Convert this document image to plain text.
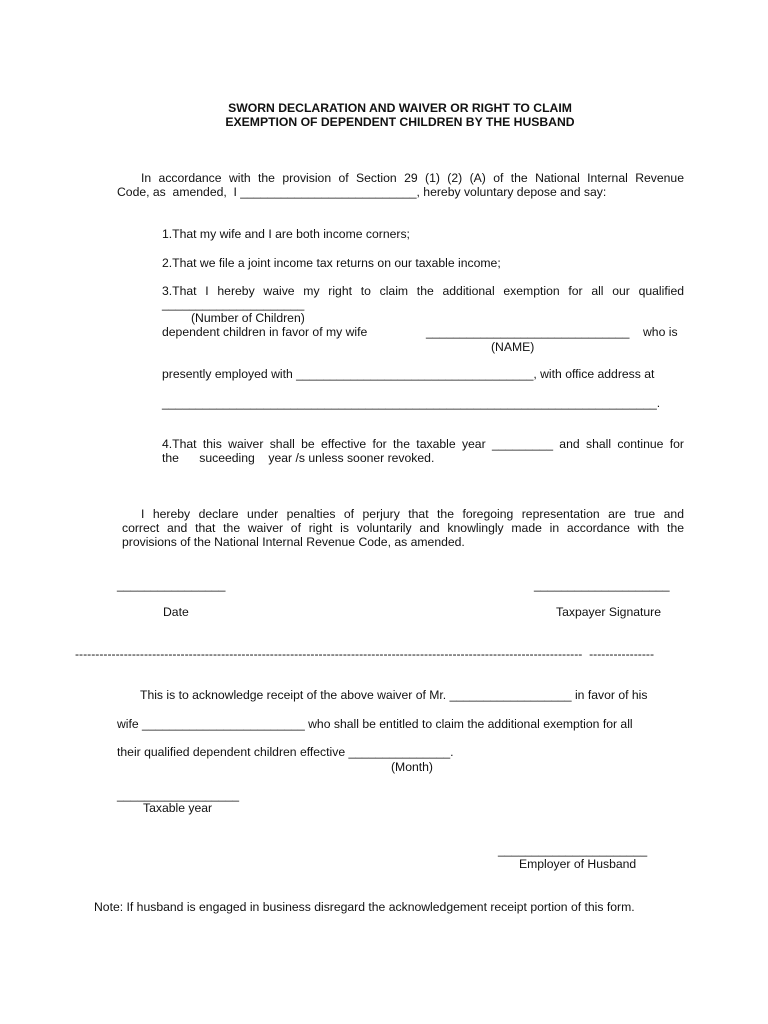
SWORN DECLARATION AND WAIVER OR RIGHT TO CLAIM
EXEMPTION OF DEPENDENT CHILDREN BY THE HUSBAND
In accordance with the provision of Section 29 (1) (2) (A) of the National Internal Revenue
Code, as  amended,  I __________________________, hereby voluntary depose and say:
1.That my wife and I are both income corners;
2.That we file a joint income tax returns on our taxable income;
3.That I hereby waive my right to claim the additional exemption for all our qualified
_____________________
(Number of Children)
dependent children in favor of my wife	______________________________ who is
(NAME)
presently employed with ___________________________________, with office address at
_________________________________________________________________________.
4.That this waiver shall be effective for the taxable year _________ and shall continue for
the      suceeding    year /s unless sooner revoked.
I hereby declare under penalties of perjury that the foregoing representation are true and
correct and that the waiver of right is voluntarily and knowlingly made in accordance with the
provisions of the National Internal Revenue Code, as amended.
________________	____________________
Date	Taxpayer Signature
-----------------------------------------------------------------------------------------------------------------------------  ----------------
This is to acknowledge receipt of the above waiver of Mr. __________________ in favor of his
wife ________________________ who shall be entitled to claim the additional exemption for all
their qualified dependent children effective _______________.
(Month)
__________________
Taxable year
______________________
Employer of Husband
Note: If husband is engaged in business disregard the acknowledgement receipt portion of this form.
